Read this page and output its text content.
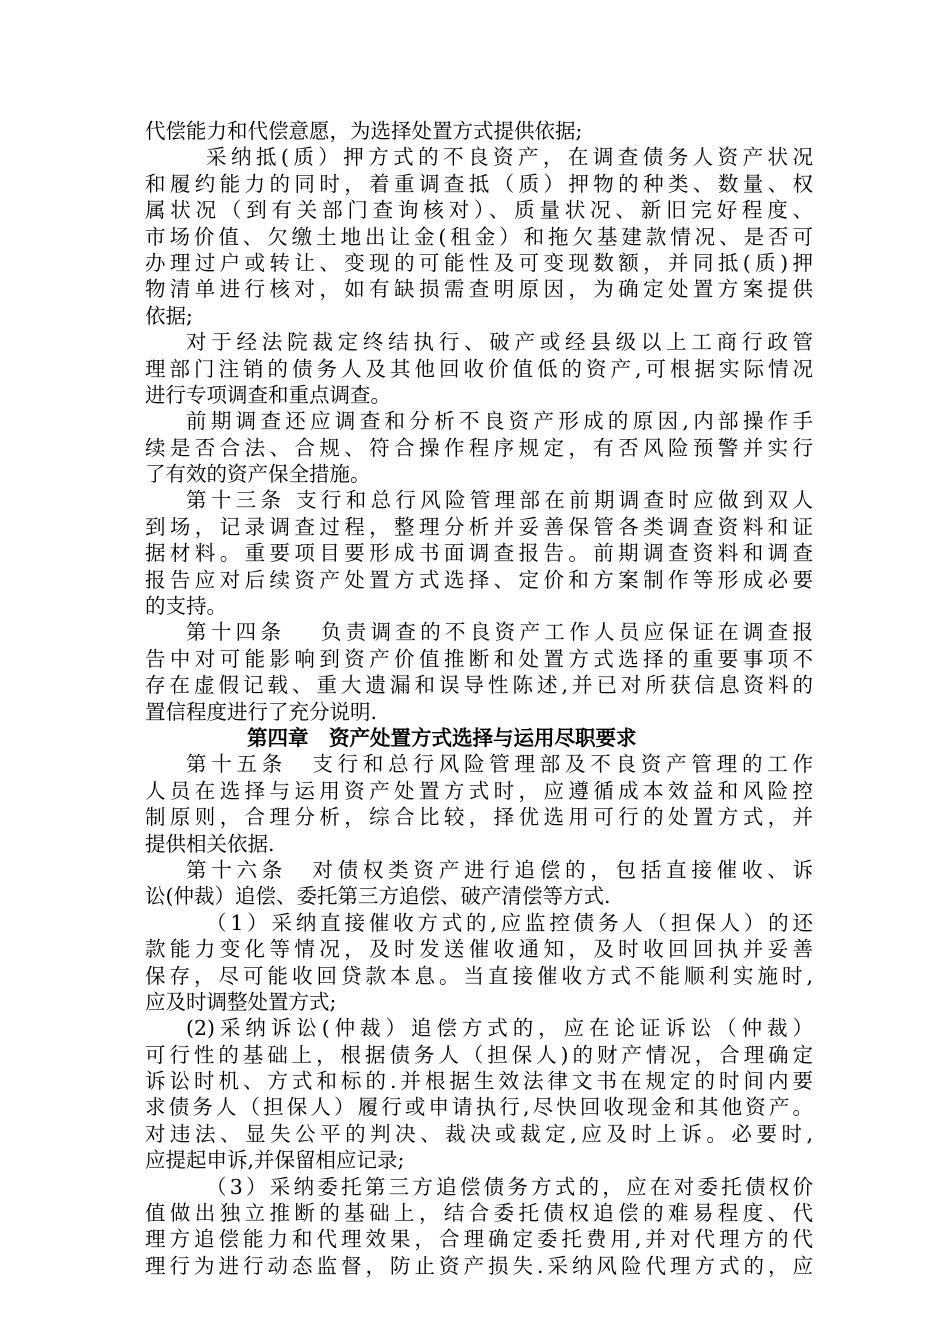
代偿能力和代偿意愿，为选择处置方式提供依据;
采纳抵(质）押方式的不良资产，在调查债务人资产状况
和履约能力的同时，着重调查抵（质）押物的种类、数量、权
属状况（到有关部门查询核对）、质量状况、新旧完好程度、
市场价值、欠缴土地出让金(租金）和拖欠基建款情况、是否可
办理过户或转让、变现的可能性及可变现数额，并同抵(质)押
物清单进行核对，如有缺损需查明原因，为确定处置方案提供
依据;
对于经法院裁定终结执行、破产或经县级以上工商行政管
理部门注销的债务人及其他回收价值低的资产,可根据实际情况
进行专项调查和重点调查。
前期调查还应调查和分析不良资产形成的原因,内部操作手
续是否合法、合规、符合操作程序规定，有否风险预警并实行
了有效的资产保全措施。
第十三条 支行和总行风险管理部在前期调查时应做到双人
到场，记录调查过程，整理分析并妥善保管各类调查资料和证
据材料。重要项目要形成书面调查报告。前期调查资料和调查
报告应对后续资产处置方式选择、定价和方案制作等形成必要
的支持。
第十四条　 负责调查的不良资产工作人员应保证在调查报
告中对可能影响到资产价值推断和处置方式选择的重要事项不
存在虚假记载、重大遗漏和误导性陈述,并已对所获信息资料的
置信程度进行了充分说明.
第四章　资产处置方式选择与运用尽职要求
第十五条　支行和总行风险管理部及不良资产管理的工作
人员在选择与运用资产处置方式时，应遵循成本效益和风险控
制原则，合理分析，综合比较，择优选用可行的处置方式，并
提供相关依据.
第十六条　对债权类资产进行追偿的，包括直接催收、诉
讼(仲裁）追偿、委托第三方追偿、破产清偿等方式.
（1）采纳直接催收方式的,应监控债务人（担保人）的还
款能力变化等情况，及时发送催收通知，及时收回回执并妥善
保存，尽可能收回贷款本息。当直接催收方式不能顺利实施时,
应及时调整处置方式;
(2)采纳诉讼(仲裁）追偿方式的，应在论证诉讼（仲裁）
可行性的基础上，根据债务人（担保人)的财产情况，合理确定
诉讼时机、方式和标的.并根据生效法律文书在规定的时间内要
求债务人（担保人）履行或申请执行,尽快回收现金和其他资产。
对违法、显失公平的判决、裁决或裁定,应及时上诉。必要时,
应提起申诉,并保留相应记录;
（3）采纳委托第三方追偿债务方式的，应在对委托债权价
值做出独立推断的基础上，结合委托债权追偿的难易程度、代
理方追偿能力和代理效果，合理确定委托费用,并对代理方的代
理行为进行动态监督，防止资产损失.采纳风险代理方式的，应
